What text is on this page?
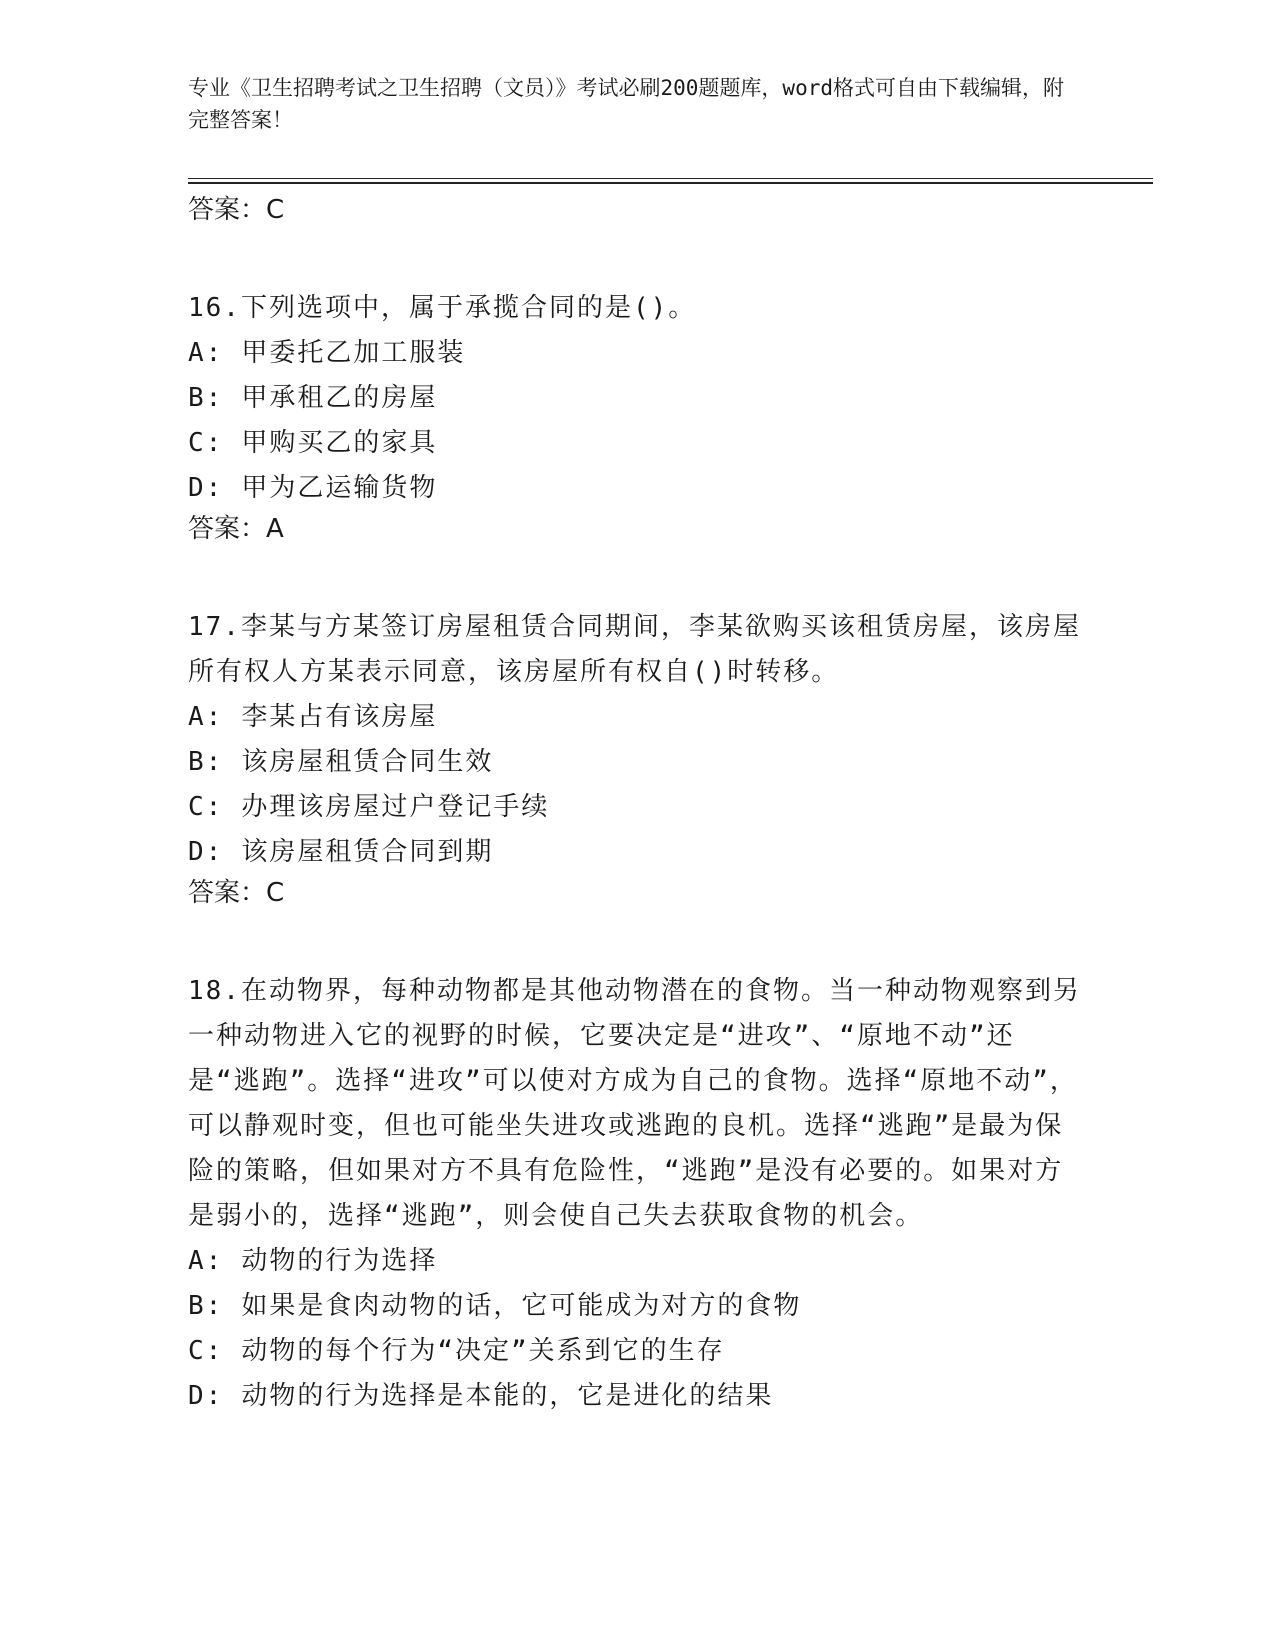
专业《卫生招聘考试之卫生招聘（文员）》考试必刷200题题库，word格式可自由下载编辑，附完整答案！

答案：C

16.下列选项中，属于承揽合同的是()。

A: 甲委托乙加工服装

B: 甲承租乙的房屋

C: 甲购买乙的家具

D: 甲为乙运输货物

答案：A

17.李某与方某签订房屋租赁合同期间，李某欲购买该租赁房屋，该房屋所有权人方某表示同意，该房屋所有权自()时转移。

A: 李某占有该房屋

B: 该房屋租赁合同生效

C: 办理该房屋过户登记手续

D: 该房屋租赁合同到期

答案：C

18.在动物界，每种动物都是其他动物潜在的食物。当一种动物观察到另一种动物进入它的视野的时候，它要决定是“进攻”、“原地不动”还是“逃跑”。选择“进攻”可以使对方成为自己的食物。选择“原地不动”，可以静观时变，但也可能坐失进攻或逃跑的良机。选择“逃跑”是最为保险的策略，但如果对方不具有危险性，“逃跑”是没有必要的。如果对方是弱小的，选择“逃跑”，则会使自己失去获取食物的机会。

A: 动物的行为选择

B: 如果是食肉动物的话，它可能成为对方的食物

C: 动物的每个行为“决定”关系到它的生存

D: 动物的行为选择是本能的，它是进化的结果
